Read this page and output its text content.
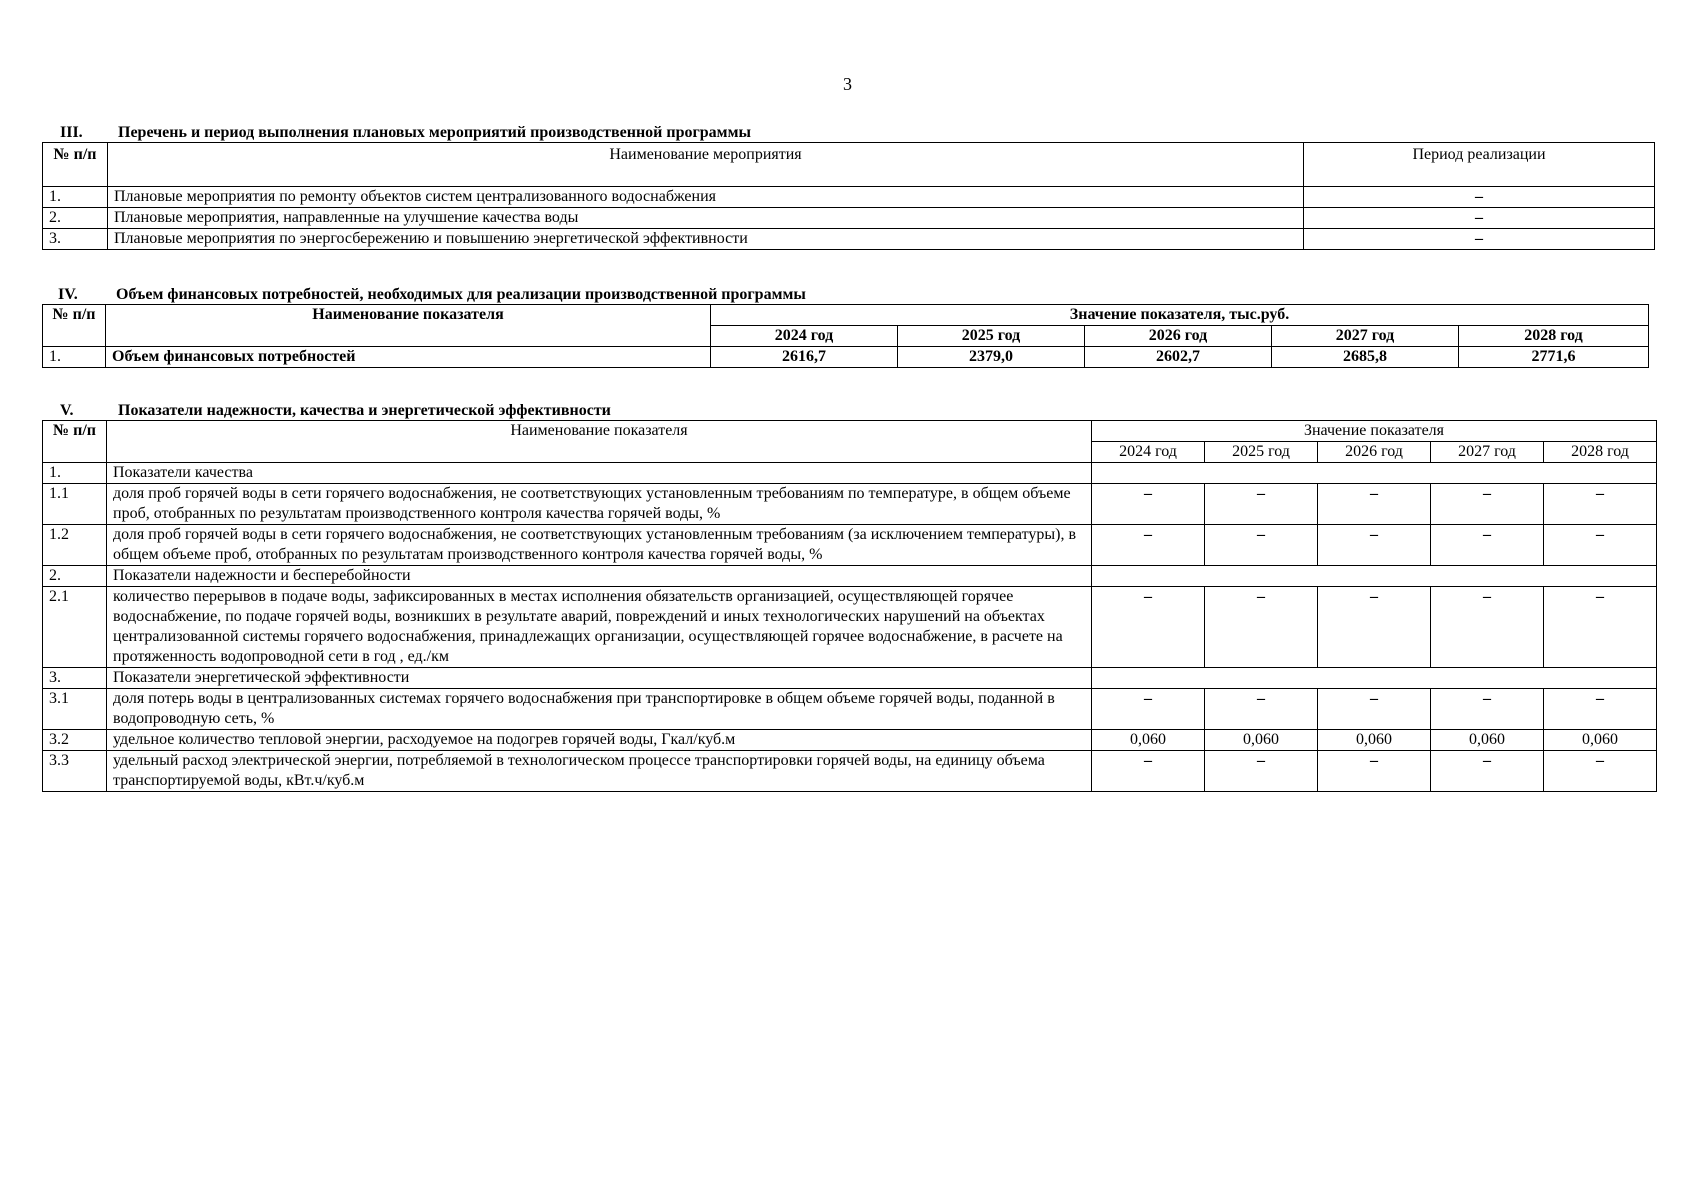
3
III. Перечень и период выполнения плановых мероприятий производственной программы
№ п/п	Наименование мероприятия	Период реализации
1.	Плановые мероприятия по ремонту объектов систем централизованного водоснабжения	–
2.	Плановые мероприятия, направленные на улучшение качества воды	–
3.	Плановые мероприятия по энергосбережению и повышению энергетической эффективности	–
IV. Объем финансовых потребностей, необходимых для реализации производственной программы
№ п/п	Наименование показателя	Значение показателя, тыс.руб.				
		2024 год	2025 год	2026 год	2027 год	2028 год
1.	Объем финансовых потребностей	2616,7	2379,0	2602,7	2685,8	2771,6
V.	Показатели надежности, качества и энергетической эффективности
№ п/п	Наименование показателя	Значение показателя				
		2024 год	2025 год	2026 год	2027 год	2028 год
1.	Показатели качества					
1.1	доля проб горячей воды в сети горячего водоснабжения, не соответствующих установленным требованиям по температуре, в общем объеме проб, отобранных по результатам производственного контроля качества горячей воды, %	–	–	–	–	–
1.2	доля проб горячей воды в сети горячего водоснабжения, не соответствующих установленным требованиям (за исключением температуры), в общем объеме проб, отобранных по результатам производственного контроля качества горячей воды, %	–	–	–	–	–
2.	Показатели надежности и бесперебойности					
2.1	количество перерывов в подаче воды, зафиксированных в местах исполнения обязательств организацией, осуществляющей горячее водоснабжение, по подаче горячей воды, возникших в результате аварий, повреждений и иных технологических нарушений на объектах централизованной системы горячего водоснабжения, принадлежащих организации, осуществляющей горячее водоснабжение, в расчете на протяженность водопроводной сети в год , ед./км	–	–	–	–	–
3.	Показатели энергетической эффективности					
3.1	доля потерь воды в централизованных системах горячего водоснабжения при транспортировке в общем объеме горячей воды, поданной в водопроводную сеть, %	–	–	–	–	–
3.2	удельное количество тепловой энергии, расходуемое на подогрев горячей воды, Гкал/куб.м	0,060	0,060	0,060	0,060	0,060
3.3	удельный расход электрической энергии, потребляемой в технологическом процессе транспортировки горячей воды, на единицу объема транспортируемой воды, кВт.ч/куб.м	–	–	–	–	–
